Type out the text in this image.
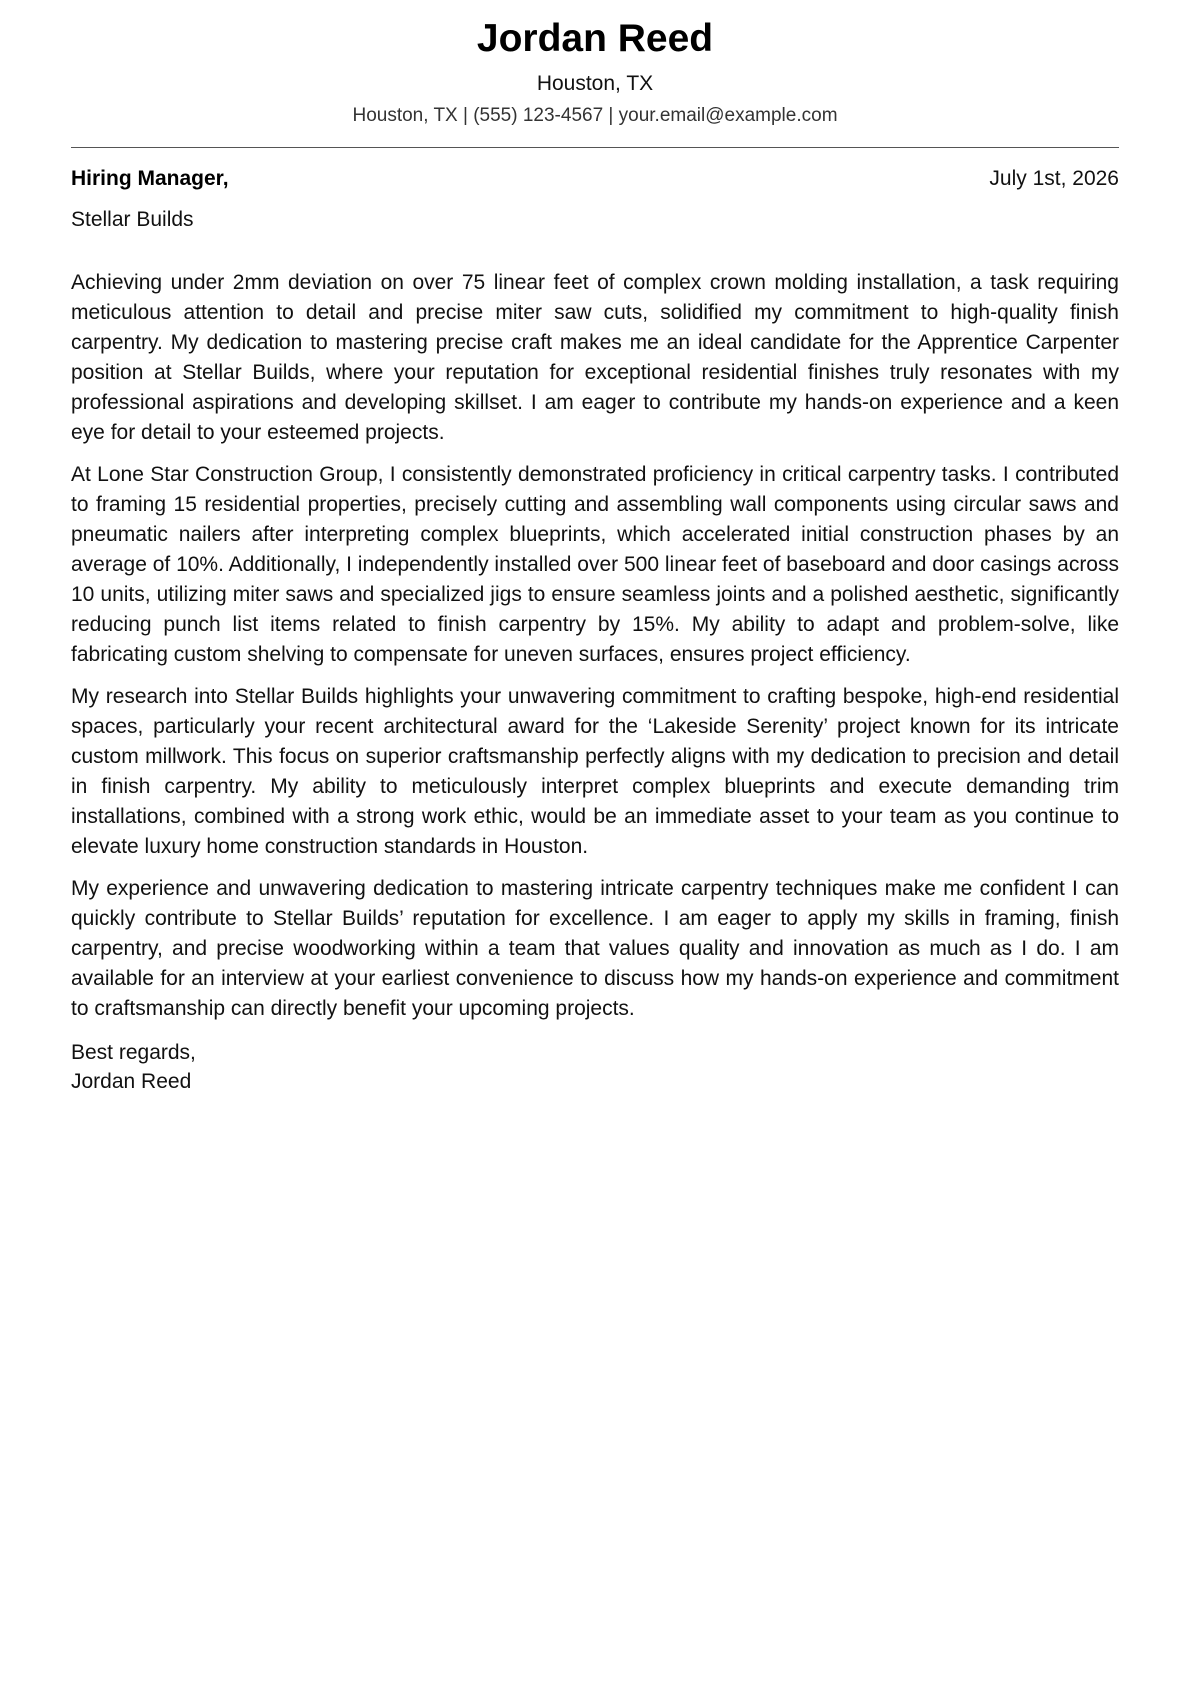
Jordan Reed
Houston, TX
Houston, TX | (555) 123-4567 | your.email@example.com
Hiring Manager,	July 1st, 2026
Stellar Builds

Achieving under 2mm deviation on over 75 linear feet of complex crown molding installation, a task requiring meticulous attention to detail and precise miter saw cuts, solidified my commitment to high-quality finish carpentry. My dedication to mastering precise craft makes me an ideal candidate for the Apprentice Carpenter position at Stellar Builds, where your reputation for exceptional residential finishes truly resonates with my professional aspirations and developing skillset. I am eager to contribute my hands-on experience and a keen eye for detail to your esteemed projects.

At Lone Star Construction Group, I consistently demonstrated proficiency in critical carpentry tasks. I contributed to framing 15 residential properties, precisely cutting and assembling wall components using circular saws and pneumatic nailers after interpreting complex blueprints, which accelerated initial construction phases by an average of 10%. Additionally, I independently installed over 500 linear feet of baseboard and door casings across 10 units, utilizing miter saws and specialized jigs to ensure seamless joints and a polished aesthetic, significantly reducing punch list items related to finish carpentry by 15%. My ability to adapt and problem-solve, like fabricating custom shelving to compensate for uneven surfaces, ensures project efficiency.

My research into Stellar Builds highlights your unwavering commitment to crafting bespoke, high-end residential spaces, particularly your recent architectural award for the ‘Lakeside Serenity’ project known for its intricate custom millwork. This focus on superior craftsmanship perfectly aligns with my dedication to precision and detail in finish carpentry. My ability to meticulously interpret complex blueprints and execute demanding trim installations, combined with a strong work ethic, would be an immediate asset to your team as you continue to elevate luxury home construction standards in Houston.

My experience and unwavering dedication to mastering intricate carpentry techniques make me confident I can quickly contribute to Stellar Builds’ reputation for excellence. I am eager to apply my skills in framing, finish carpentry, and precise woodworking within a team that values quality and innovation as much as I do. I am available for an interview at your earliest convenience to discuss how my hands-on experience and commitment to craftsmanship can directly benefit your upcoming projects.

Best regards,
Jordan Reed
